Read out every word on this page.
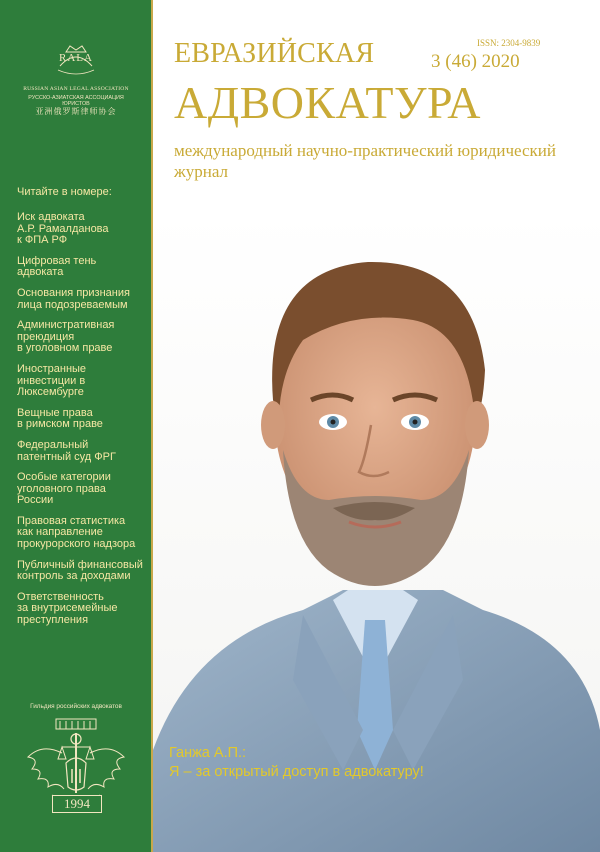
RALA
RUSSIAN ASIAN LEGAL ASSOCIATION
РУССКО-АЗИАТСКАЯ АССОЦИАЦИЯ ЮРИСТОВ
亚洲俄罗斯律师协会
Читайте в номере:
Иск адвоката
А.Р. Рамалданова
к ФПА РФ
Цифровая тень
адвоката
Основания признания
лица подозреваемым
Административная
преюдиция
в уголовном праве
Иностранные
инвестиции в
Люксембурге
Вещные права
в римском праве
Федеральный
патентный суд ФРГ
Особые категории
уголовного права
России
Правовая статистика
как направление
прокурорского надзора
Публичный финансовый
контроль за доходами
Ответственность
за внутрисемейные
преступления
Гильдия российских адвокатов
1994
ЕВРАЗИЙСКАЯ	ISSN: 2304-9839
3 (46) 2020
АДВОКАТУРА
международный научно-практический юридический журнал
Ганжа А.П.:
Я – за открытый доступ в адвокатуру!
